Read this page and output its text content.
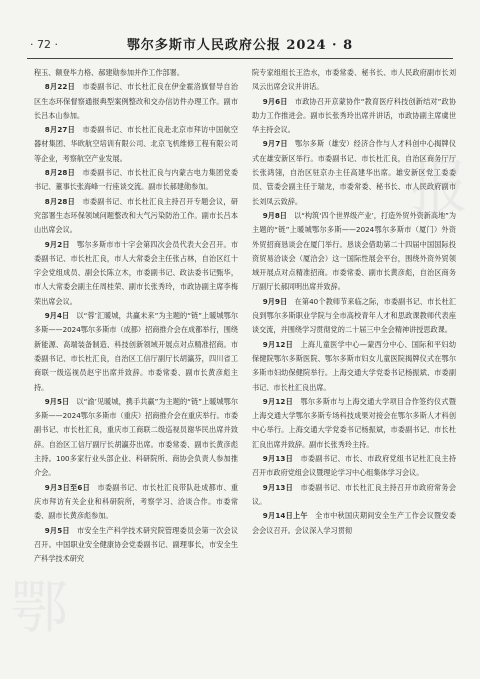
· 72 ·	鄂尔多斯市人民政府公报 2024 · 8
鄂
报

程玉、额登毕力格、郝建勋参加并作工作部署。

8月22日  市委副书记、市长杜汇良在伊金霍洛旗督导自治区生态环保督察通报典型案例整改和交办信访件办理工作。副市长吕本山参加。

8月27日  市委副书记、市长杜汇良赴北京市拜访中国航空器材集团、华欧航空培训有限公司、北京飞机维修工程有限公司等企业，考察航空产业发展。

8月28日  市委副书记、市长杜汇良与内蒙古电力集团党委书记、董事长张海峰一行座谈交流。副市长郝建勋参加。

8月28日  市委副书记、市长杜汇良主持召开专题会议，研究部署生态环保领域问题整改和大气污染防治工作。副市长吕本山出席会议。

9月2日  鄂尔多斯市市十字会第四次会员代表大会召开。市委副书记、市长杜汇良，市人大常委会主任张占林，自治区红十字会党组成员、副会长陈立木，市委副书记、政法委书记甄华，市人大常委会副主任周桂荣、副市长张秀玲，市政协副主席李梅荣出席会议。

9月4日  以“蓉’汇暖城，共赢未来”为主题的“链”上暖城鄂尔多斯——2024鄂尔多斯市（成都）招商推介会在成都举行，围绕新能源、高端装备制造、科技创新领域开展点对点精准招商。市委副书记、市长杜汇良，自治区工信厅副厅长胡瀛芬，四川省工商联一级巡视员赵宇出席并致辞。市委常委、副市长黄彦彪主持。

9月5日  以“渝’见暖城，携手共赢”为主题的“链”上暖城鄂尔多斯——2024鄂尔多斯市（重庆）招商推介会在重庆举行。市委副书记、市长杜汇良，重庆市工商联二级巡视员谢华民出席并致辞。自治区工信厅副厅长胡瀛芬出席。市委常委、副市长黄彦彪主持。100多家行业头部企业、科研院所、商协会负责人参加推介会。

9月3日至6日  市委副书记、市长杜汇良带队赴成都市、重庆市拜访有关企业和科研院所，考察学习、洽谈合作。市委常委、副市长黄彦彪参加。

9月5日  市安全生产科学技术研究院管理委员会第一次会议召开。中国职业安全健康协会党委副书记、副理事长，市安全生产科学技术研究

院专家组组长王浩水，市委常委、秘书长、市人民政府副市长刘凤云出席会议并讲话。

9月6日  市政协召开京蒙协作“教育医疗科技创新结对”政协助力工作推进会。副市长张秀玲出席并讲话，市政协副主席虞世华主持会议。

9月7日  鄂尔多斯（雄安）经济合作与人才科创中心揭牌仪式在雄安新区举行。市委副书记、市长杜汇良，自治区商务厅厅长张鸿翎，自治区驻京办主任高建华出席。雄安新区党工委委员、管委会副主任于瑞龙，市委常委、秘书长、市人民政府副市长刘凤云致辞。

9月8日  以“构筑‘四个世界级产业’，打造外贸外资新高地”为主题的“链”上暖城鄂尔多斯——2024鄂尔多斯市（厦门）外资外贸招商恳谈会在厦门举行。恳谈会借助第二十四届中国国际投资贸易洽谈会（厦洽会）这一国际性展会平台，围绕外资外贸领域开展点对点精准招商。市委常委、副市长黄彦彪，自治区商务厅副厅长郝同明出席并致辞。

9月9日  在第40个教师节来临之际，市委副书记、市长杜汇良到鄂尔多斯职业学院与全市高校青年人才和思政课教师代表座谈交流，并围绕学习贯彻党的二十届三中全会精神讲授思政课。

9月12日  上海儿童医学中心—蒙西分中心、国际和平妇幼保健院鄂尔多斯医院、鄂尔多斯市妇女儿童医院揭牌仪式在鄂尔多斯市妇幼保健院举行。上海交通大学党委书记杨振斌、市委副书记、市长杜汇良出席。

9月12日  鄂尔多斯市与上海交通大学项目合作签约仪式暨上海交通大学鄂尔多斯专场科技成果对接会在鄂尔多斯人才科创中心举行。上海交通大学党委书记杨振斌，市委副书记、市长杜汇良出席并致辞。副市长张秀玲主持。

9月13日  市委副书记、市长、市政府党组书记杜汇良主持召开市政府党组会议暨理论学习中心组集体学习会议。

9月13日  市委副书记、市长杜汇良主持召开市政府常务会议。

9月14日上午  全市中秋国庆期间安全生产工作会议暨安委会会议召开。会议深入学习贯彻
